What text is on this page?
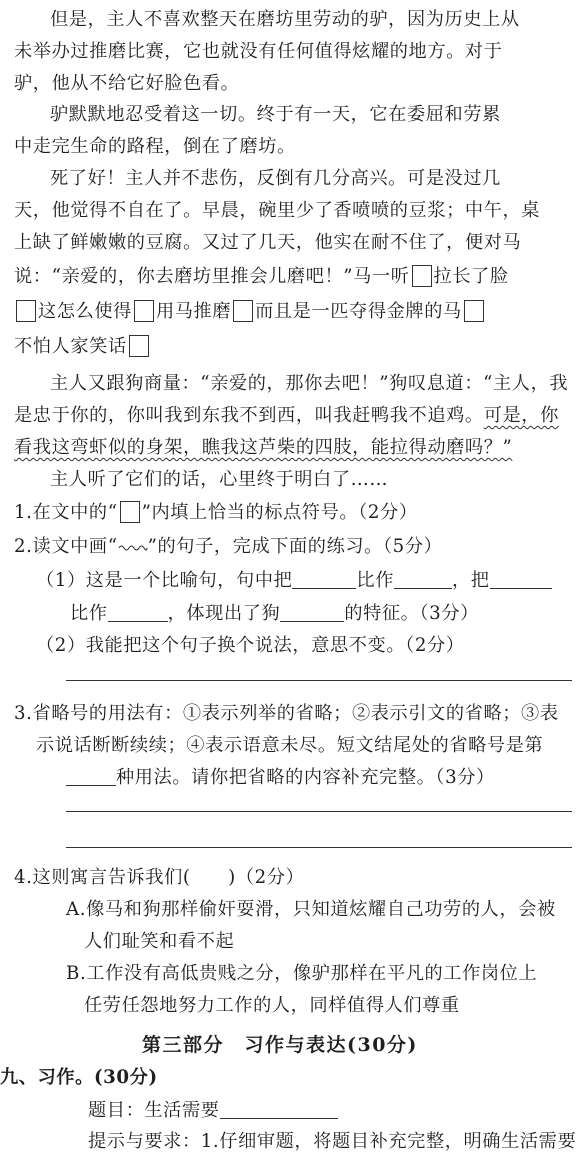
但是，主人不喜欢整天在磨坊里劳动的驴，因为历史上从
未举办过推磨比赛，它也就没有任何值得炫耀的地方。对于
驴，他从不给它好脸色看。
驴默默地忍受着这一切。终于有一天，它在委屈和劳累
中走完生命的路程，倒在了磨坊。
死了好！主人并不悲伤，反倒有几分高兴。可是没过几
天，他觉得不自在了。早晨，碗里少了香喷喷的豆浆；中午，桌
上缺了鲜嫩嫩的豆腐。又过了几天，他实在耐不住了，便对马
说：“亲爱的，你去磨坊里推会儿磨吧！”马一听 拉长了脸
这怎么使得 用马推磨 而且是一匹夺得金牌的马
不怕人家笑话
主人又跟狗商量：“亲爱的，那你去吧！”狗叹息道：“主人，我
是忠于你的，你叫我到东我不到西，叫我赶鸭我不追鸡。可是，你
看我这弯虾似的身架，瞧我这芦柴的四肢，能拉得动磨吗？”
主人听了它们的话，心里终于明白了……
1.在文中的“ ”内填上恰当的标点符号。（2分）
2.读文中画“ ”的句子，完成下面的练习。（5分）
（1）这是一个比喻句，句中把	比作	，把
比作	，体现出了狗	的特征。（3分）
（2）我能把这个句子换个说法，意思不变。（2分）
3.省略号的用法有：①表示列举的省略；②表示引文的省略；③表
示说话断断续续；④表示语意未尽。短文结尾处的省略号是第
种用法。请你把省略的内容补充完整。（3分）
4.这则寓言告诉我们(　　)（2分）
A.像马和狗那样偷奸耍滑，只知道炫耀自己功劳的人，会被
人们耻笑和看不起
B.工作没有高低贵贱之分，像驴那样在平凡的工作岗位上
任劳任怨地努力工作的人，同样值得人们尊重
第三部分　习作与表达(30分)
九、习作。(30分)
题目：生活需要
提示与要求：1.仔细审题，将题目补充完整，明确生活需要
